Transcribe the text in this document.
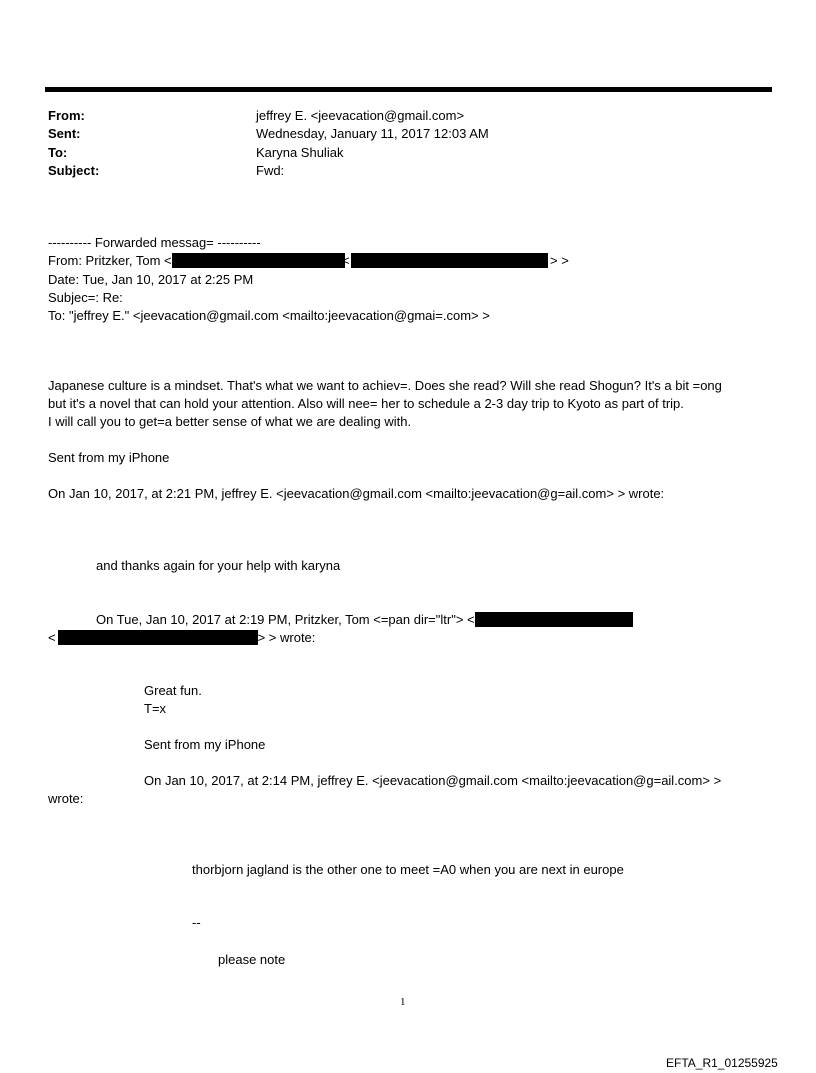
From:	jeffrey E. <jeevacation@gmail.com>
Sent:	Wednesday, January 11, 2017 12:03 AM
To:	Karyna Shuliak
Subject:	Fwd:
---------- Forwarded messag= ----------
From: Pritzker, Tom <	<	> >
Date: Tue, Jan 10, 2017 at 2:25 PM
Subjec=: Re:
To: "jeffrey E." <jeevacation@gmail.com <mailto:jeevacation@gmai=.com> >
Japanese culture is a mindset. That's what we want to achiev=. Does she read? Will she read Shogun? It's a bit =ong
but it's a novel that can hold your attention. Also will nee= her to schedule a 2-3 day trip to Kyoto as part of trip.
I will call you to get=a better sense of what we are dealing with.
Sent from my iPhone
On Jan 10, 2017, at 2:21 PM, jeffrey E. <jeevacation@gmail.com <mailto:jeevacation@g=ail.com> > wrote:
and thanks again for your help with karyna
On Tue, Jan 10, 2017 at 2:19 PM, Pritzker, Tom <=pan dir="ltr"> <
<	> > wrote:
Great fun.
T=x
Sent from my iPhone
On Jan 10, 2017, at 2:14 PM, jeffrey E. <jeevacation@gmail.com <mailto:jeevacation@g=ail.com> >
wrote:
thorbjorn jagland is the other one to meet =A0 when you are next in europe
--
please note
1
EFTA_R1_01255925
